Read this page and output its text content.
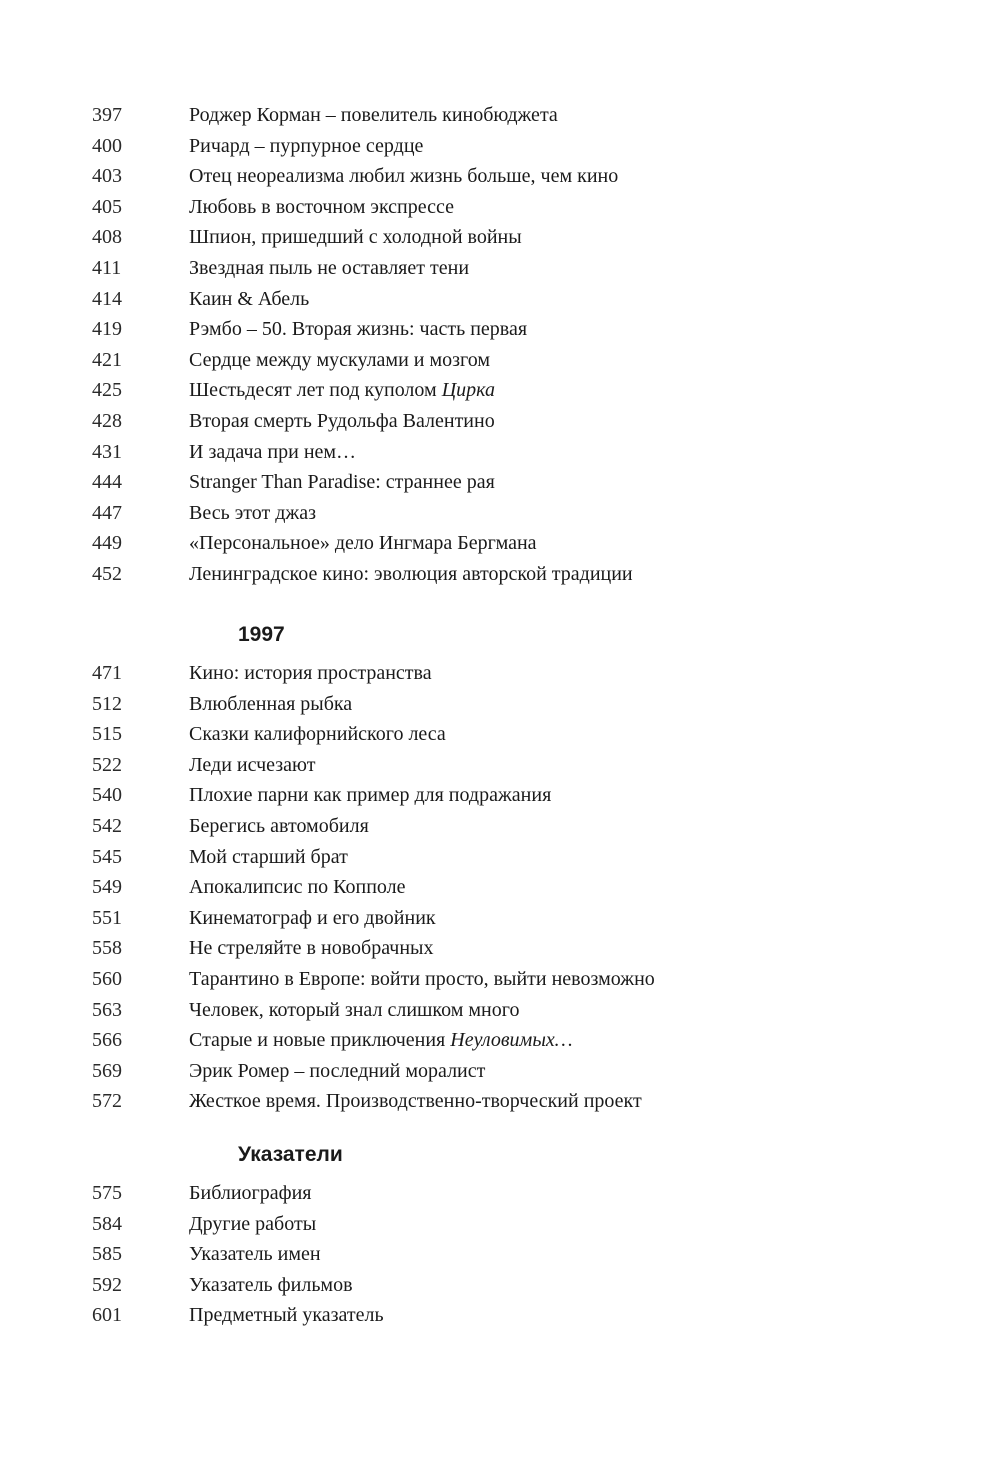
397	Роджер Корман – повелитель кинобюджета
400	Ричард – пурпурное сердце
403	Отец неореализма любил жизнь больше, чем кино
405	Любовь в восточном экспрессе
408	Шпион, пришедший с холодной войны
411	Звездная пыль не оставляет тени
414	Каин & Абель
419	Рэмбо – 50. Вторая жизнь: часть первая
421	Сердце между мускулами и мозгом
425	Шестьдесят лет под куполом Цирка
428	Вторая смерть Рудольфа Валентино
431	И задача при нем…
444	Stranger Than Paradise: страннее рая
447	Весь этот джаз
449	«Персональное» дело Ингмара Бергмана
452	Ленинградское кино: эволюция авторской традиции
1997
471	Кино: история пространства
512	Влюбленная рыбка
515	Сказки калифорнийского леса
522	Леди исчезают
540	Плохие парни как пример для подражания
542	Берегись автомобиля
545	Мой старший брат
549	Апокалипсис по Копполе
551	Кинематограф и его двойник
558	Не стреляйте в новобрачных
560	Тарантино в Европе: войти просто, выйти невозможно
563	Человек, который знал слишком много
566	Старые и новые приключения Неуловимых…
569	Эрик Ромер – последний моралист
572	Жесткое время. Производственно-творческий проект
Указатели
575	Библиография
584	Другие работы
585	Указатель имен
592	Указатель фильмов
601	Предметный указатель
